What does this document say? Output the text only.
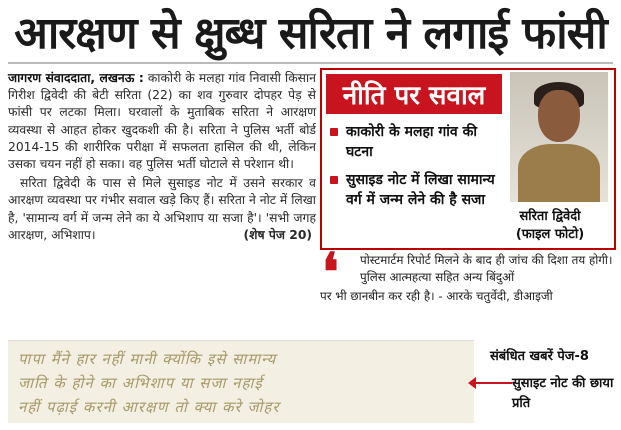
आरक्षण से क्षुब्ध सरिता ने लगाई फांसी

जागरण संवाददाता, लखनऊ : काकोरी के मलहा गांव निवासी किसान गिरीश द्विवेदी की बेटी सरिता (22) का शव गुरुवार दोपहर पेड़ से फांसी पर लटका मिला। घरवालों के मुताबिक सरिता ने आरक्षण व्यवस्था से आहत होकर खुदकशी की है। सरिता ने पुलिस भर्ती बोर्ड 2014-15 की शारीरिक परीक्षा में सफलता हासिल की थी, लेकिन उसका चयन नहीं हो सका। वह पुलिस भर्ती घोटाले से परेशान थी।

सरिता द्विवेदी के पास से मिले सुसाइड नोट में उसने सरकार व आरक्षण व्यवस्था पर गंभीर सवाल खड़े किए हैं। सरिता ने नोट में लिखा है, 'सामान्य वर्ग में जन्म लेने का ये अभिशाप या सजा है'। 'सभी जगह आरक्षण, अभिशाप।	(शेष पेज 20)

नीति पर सवाल
काकोरी के मलहा गांव की घटना
सुसाइड नोट में लिखा सामान्य वर्ग में जन्म लेने की है सजा
सरिता द्विवेदी
(फाइल फोटो)
❛ पोस्टमार्टम रिपोर्ट मिलने के बाद ही जांच की दिशा तय होगी। पुलिस आत्महत्या सहित अन्य बिंदुओं
पर भी छानबीन कर रही है। - आरके चतुर्वेदी, डीआइजी
पापा मैंने हार नहीं मानी क्योंकि इसे सामान्य
जाति के होने का अभिशाप या सजा नहाई
नहीं पढ़ाई करनी आरक्षण तो क्या करे जोहर
संबंधित खबरें पेज-8
सुसाइट नोट की छाया प्रति
